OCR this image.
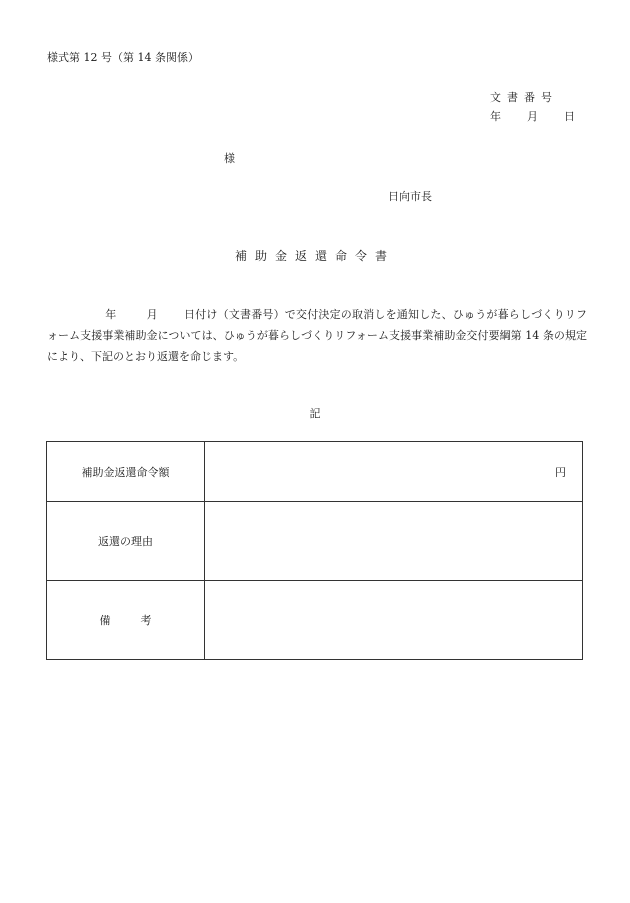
様式第 12 号（第 14 条関係）
文書番号
年 月 日
様
日向市長
補助金返還命令書
年	月 日付け（文書番号）で交付決定の取消しを通知した、ひゅうが暮らしづくりリフォーム支援事業補助金については、ひゅうが暮らしづくりリフォーム支援事業補助金交付要綱第 14 条の規定により、下記のとおり返還を命じます。
記
補助金返還命令額	円
返還の理由	
備考	
